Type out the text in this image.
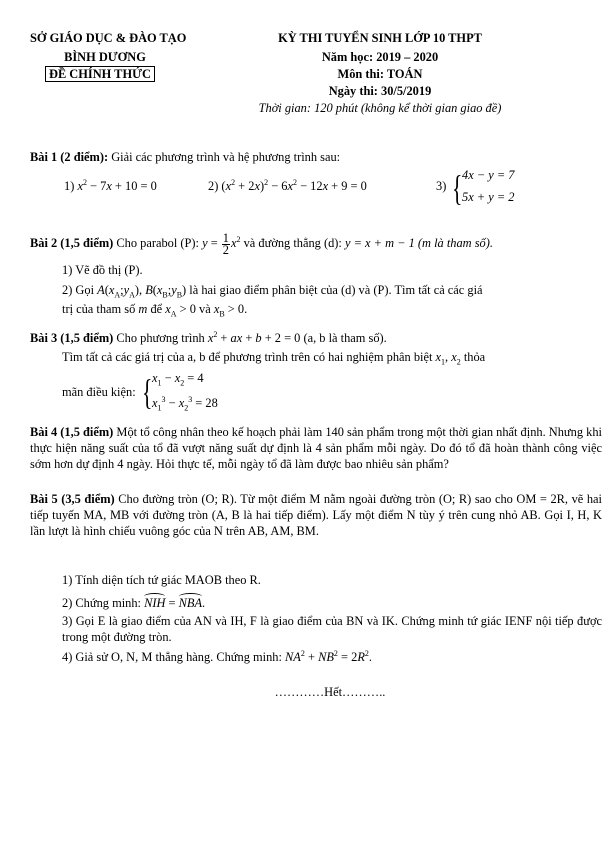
SỞ GIÁO DỤC & ĐÀO TẠO
BÌNH DƯƠNG
ĐỀ CHÍNH THỨC
KỲ THI TUYỂN SINH LỚP 10 THPT
Năm học: 2019 – 2020
Môn thi: TOÁN
Ngày thi: 30/5/2019
Thời gian: 120 phút (không kể thời gian giao đề)
Bài 1 (2 điểm): Giải các phương trình và hệ phương trình sau:
1) $x^2 - 7x + 10 = 0$	2) $(x^2 + 2x)^2 - 6x^2 - 12x + 9 = 0$	3) { 4x − y = 7
5x + y = 2
Bài 2 (1,5 điểm) Cho parabol (P): $y = \frac{1}{2} x^2$ và đường thẳng (d): y = x + m − 1 (m là tham số).
1) Vẽ đồ thị (P).
2) Gọi $A(x_A;y_A)$, $B(x_B;y_B)$ là hai giao điểm phân biệt của (d) và (P). Tìm tất cả các giá
trị của tham số m để $x_A > 0$ và $x_B > 0$.
Bài 3 (1,5 điểm) Cho phương trình $x^2$ + ax + b + 2 = 0 (a, b là tham số).
Tìm tất cả các giá trị của a, b để phương trình trên có hai nghiệm phân biệt $x_1$, $x_2$ thỏa
mãn điều kiện: { $x_1 - x_2 = 4$
$x_1^3 - x_2^3 = 28$
Bài 4 (1,5 điểm) Một tổ công nhân theo kế hoạch phải làm 140 sản phẩm trong một thời gian nhất định. Nhưng khi thực hiện năng suất của tổ đã vượt năng suất dự định là 4 sản phẩm mỗi ngày. Do đó tổ đã hoàn thành công việc sớm hơn dự định 4 ngày. Hỏi thực tế, mỗi ngày tổ đã làm được bao nhiêu sản phẩm?
Bài 5 (3,5 điểm) Cho đường tròn (O; R). Từ một điểm M nằm ngoài đường tròn (O; R) sao cho OM = 2R, vẽ hai tiếp tuyến MA, MB với đường tròn (A, B là hai tiếp điểm). Lấy một điểm N tùy ý trên cung nhỏ AB. Gọi I, H, K lần lượt là hình chiếu vuông góc của N trên AB, AM, BM.
1) Tính diện tích tứ giác MAOB theo R.
2) Chứng minh: NIH = NBA.
3) Gọi E là giao điểm của AN và IH, F là giao điểm của BN và IK. Chứng minh tứ giác IENF nội tiếp được trong một đường tròn.
4) Giả sử O, N, M thẳng hàng. Chứng minh: $NA^2 + NB^2 = 2R^2$.
…………Hết………..
